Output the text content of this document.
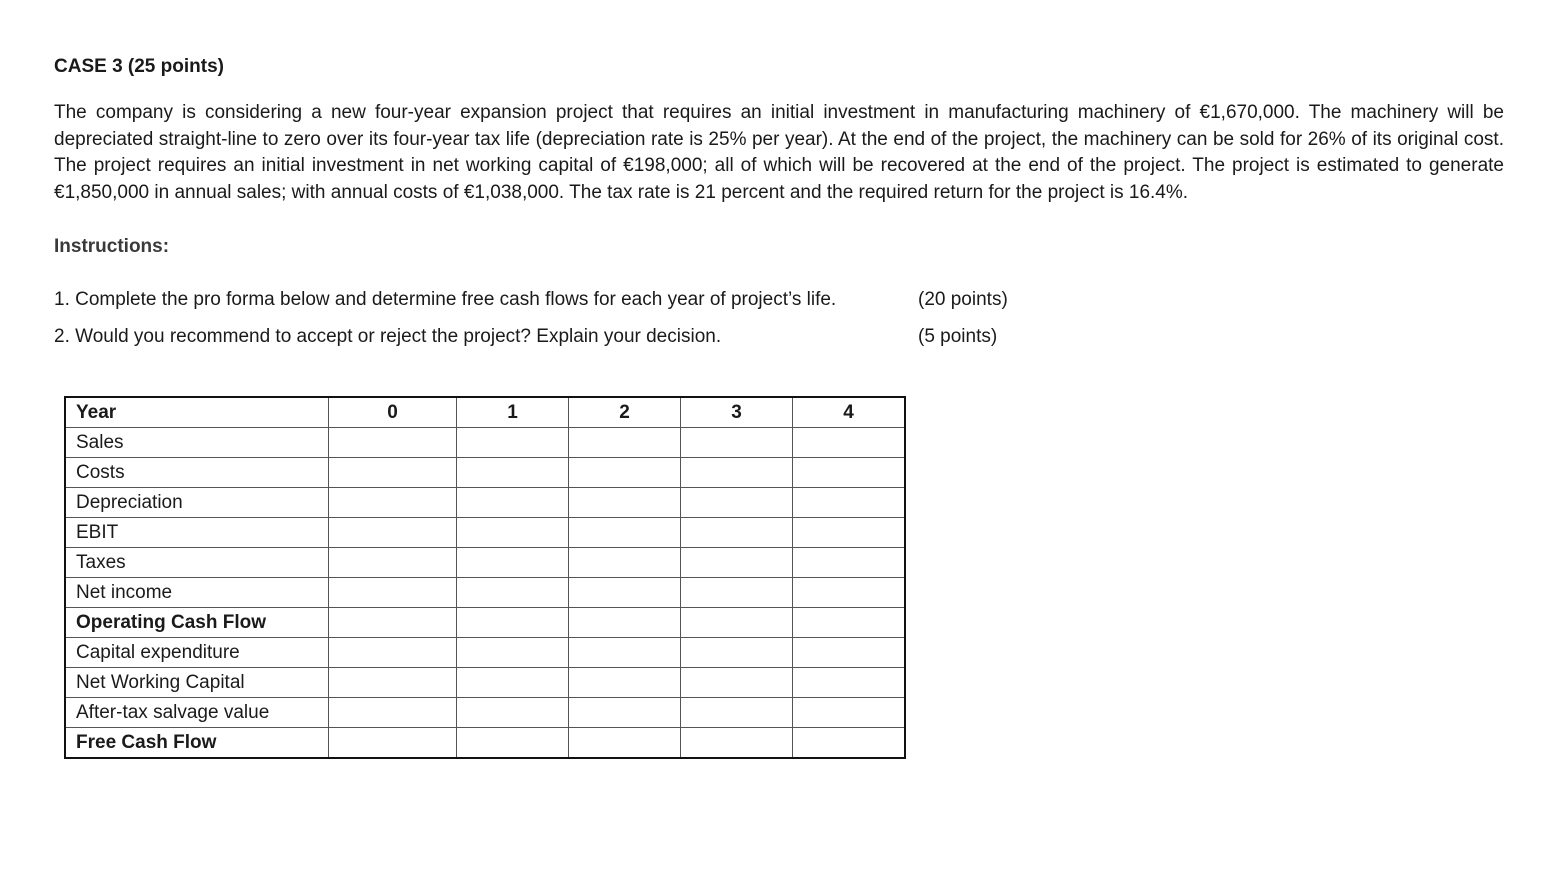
CASE 3 (25 points)

The company is considering a new four-year expansion project that requires an initial investment in manufacturing machinery of €1,670,000. The machinery will be depreciated straight-line to zero over its four-year tax life (depreciation rate is 25% per year). At the end of the project, the machinery can be sold for 26% of its original cost. The project requires an initial investment in net working capital of €198,000; all of which will be recovered at the end of the project. The project is estimated to generate €1,850,000 in annual sales; with annual costs of €1,038,000. The tax rate is 21 percent and the required return for the project is 16.4%.

Instructions:

1. Complete the pro forma below and determine free cash flows for each year of project’s life.	(20 points)

2. Would you recommend to accept or reject the project? Explain your decision.	(5 points)
Year	0	1	2	3	4
Sales					
Costs					
Depreciation					
EBIT					
Taxes					
Net income					
Operating Cash Flow					
Capital expenditure					
Net Working Capital					
After-tax salvage value					
Free Cash Flow					
